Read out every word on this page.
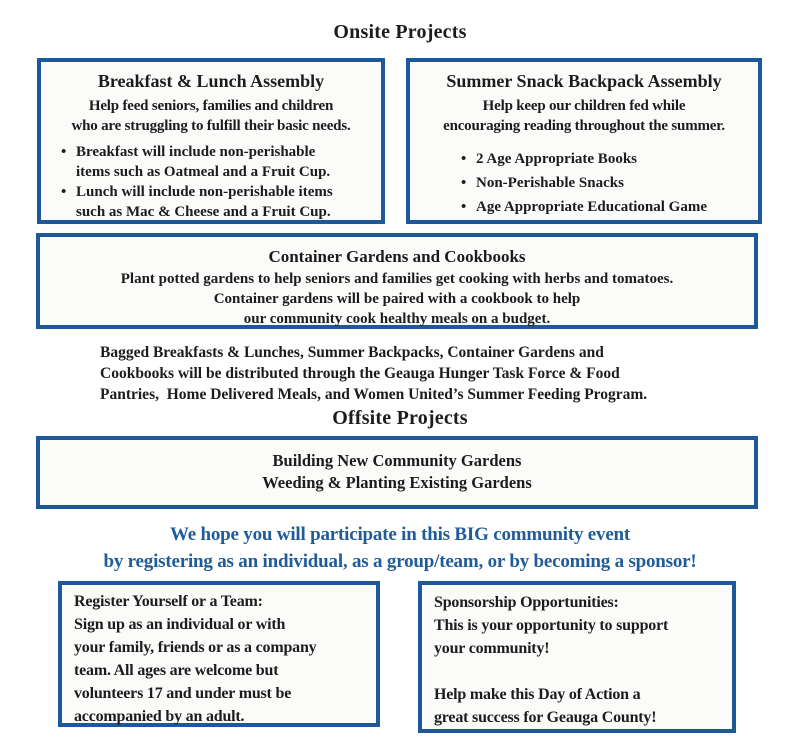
Onsite Projects
Breakfast & Lunch Assembly
Help feed seniors, families and children
who are struggling to fulfill their basic needs.
• Breakfast will include non-perishable
items such as Oatmeal and a Fruit Cup.
• Lunch will include non-perishable items
such as Mac & Cheese and a Fruit Cup.
Summer Snack Backpack Assembly
Help keep our children fed while
encouraging reading throughout the summer.
• 2 Age Appropriate Books
• Non-Perishable Snacks
• Age Appropriate Educational Game
Container Gardens and Cookbooks
Plant potted gardens to help seniors and families get cooking with herbs and tomatoes.
Container gardens will be paired with a cookbook to help
our community cook healthy meals on a budget.
Bagged Breakfasts & Lunches, Summer Backpacks, Container Gardens and
Cookbooks will be distributed through the Geauga Hunger Task Force & Food
Pantries,  Home Delivered Meals, and Women United’s Summer Feeding Program.
Offsite Projects
Building New Community Gardens
Weeding & Planting Existing Gardens
We hope you will participate in this BIG community event
by registering as an individual, as a group/team, or by becoming a sponsor!
Register Yourself or a Team:
Sign up as an individual or with
your family, friends or as a company
team. All ages are welcome but
volunteers 17 and under must be
accompanied by an adult.
Sponsorship Opportunities:
This is your opportunity to support
your community!
Help make this Day of Action a
great success for Geauga County!
